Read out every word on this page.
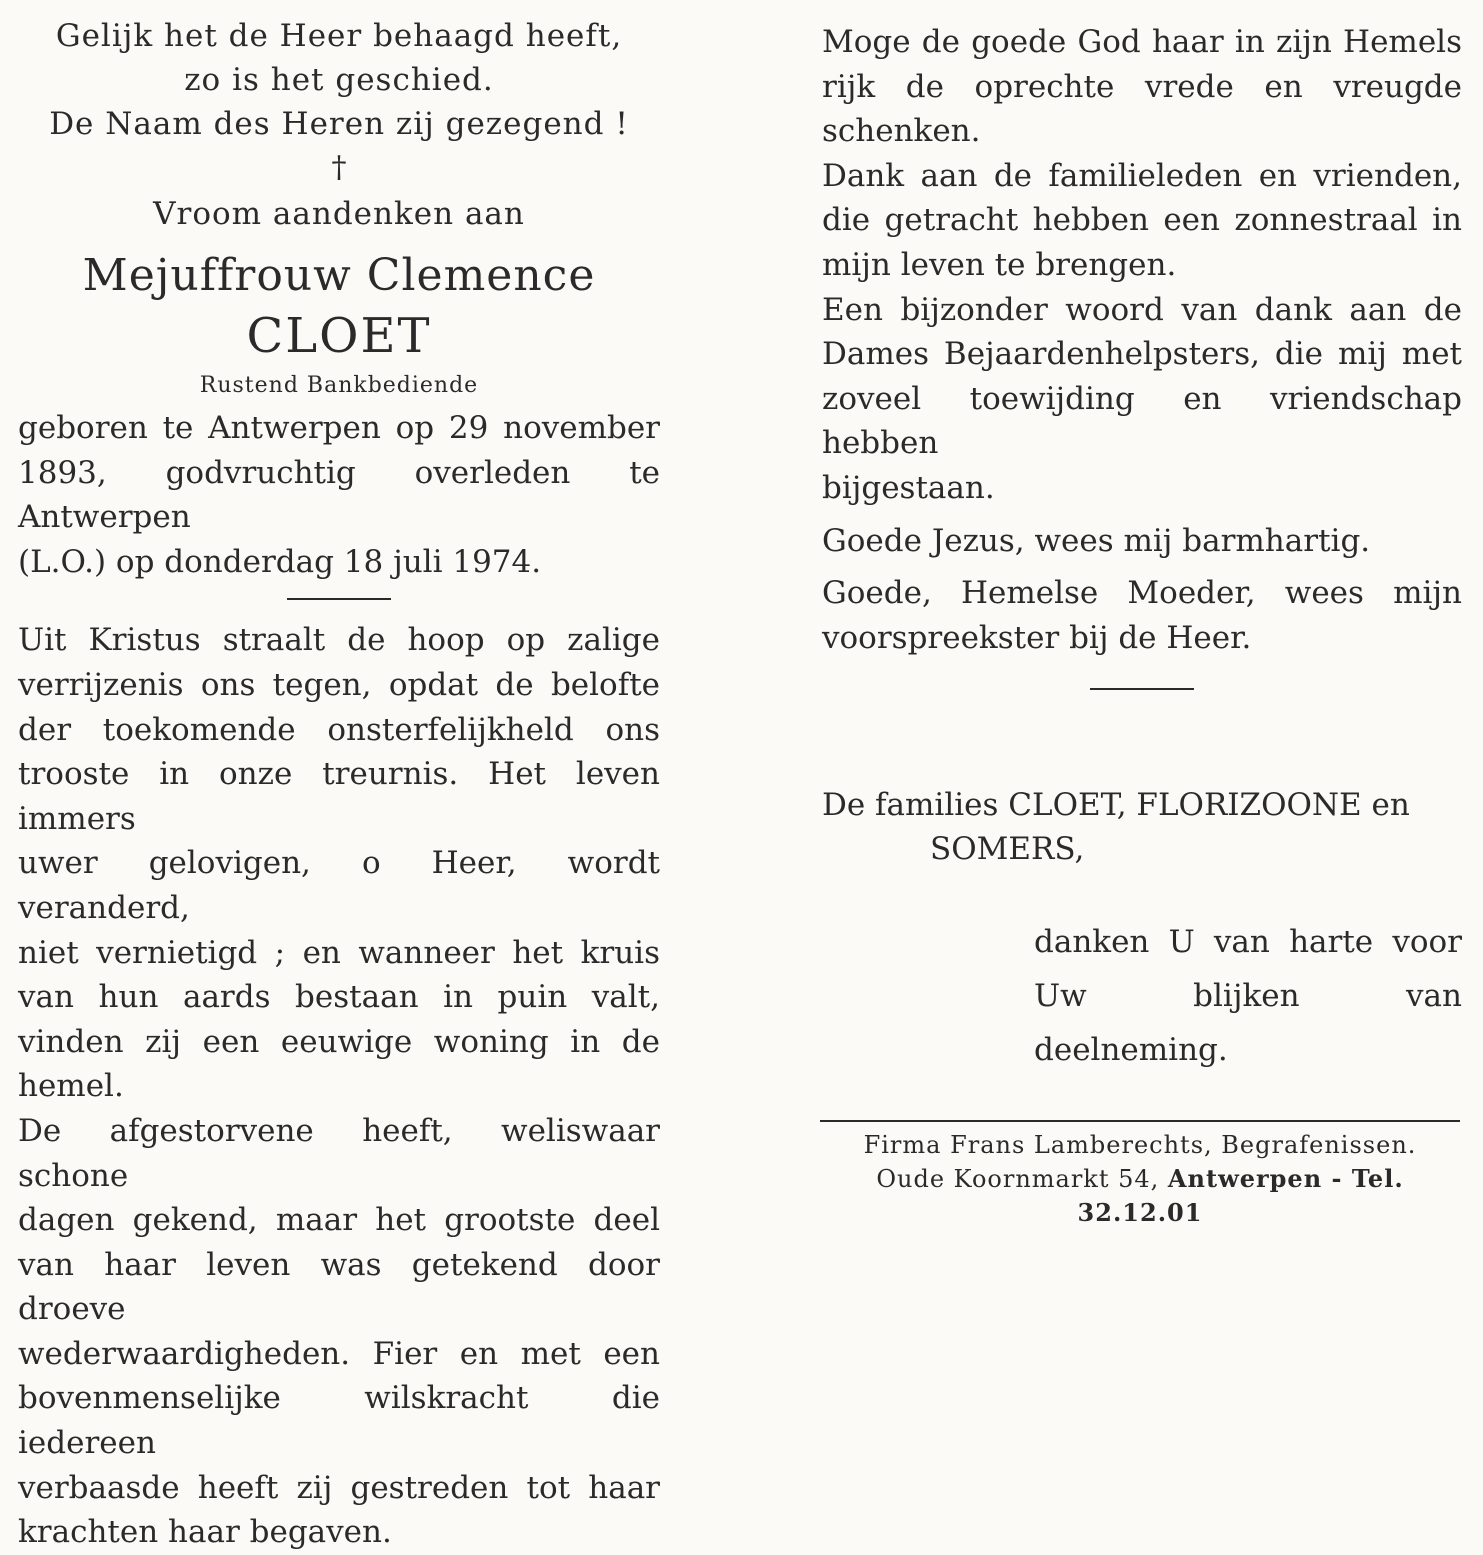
Gelijk het de Heer behaagd heeft,
zo is het geschied.
De Naam des Heren zij gezegend !
†
Vroom aandenken aan
Mejuffrouw Clemence CLOET
Rustend Bankbediende

geboren te Antwerpen op 29 november

1893, godvruchtig overleden te Antwerpen

(L.O.) op donderdag 18 juli 1974.

Uit Kristus straalt de hoop op zalige

verrijzenis ons tegen, opdat de belofte

der toekomende onsterfelijkheld ons

trooste in onze treurnis. Het leven immers

uwer gelovigen, o Heer, wordt veranderd,

niet vernietigd ; en wanneer het kruis

van hun aards bestaan in puin valt,

vinden zij een eeuwige woning in de hemel.

De afgestorvene heeft, weliswaar schone

dagen gekend, maar het grootste deel

van haar leven was getekend door droeve

wederwaardigheden. Fier en met een

bovenmenselijke wilskracht die iedereen

verbaasde heeft zij gestreden tot haar

krachten haar begaven.

Moge de goede God haar in zijn Hemels

rijk de oprechte vrede en vreugde schenken.

Dank aan de familieleden en vrienden,

die getracht hebben een zonnestraal in

mijn leven te brengen.

Een bijzonder woord van dank aan de

Dames Bejaardenhelpsters, die mij met

zoveel toewijding en vriendschap hebben

bijgestaan.

Goede Jezus, wees mij barmhartig.

Goede, Hemelse Moeder, wees mijn

voorspreekster bij de Heer.

De families CLOET, FLORIZOONE en
SOMERS,

danken U van harte voor

Uw blijken van deelneming.

Firma Frans Lamberechts, Begrafenissen.
Oude Koornmarkt 54, Antwerpen - Tel. 32.12.01
